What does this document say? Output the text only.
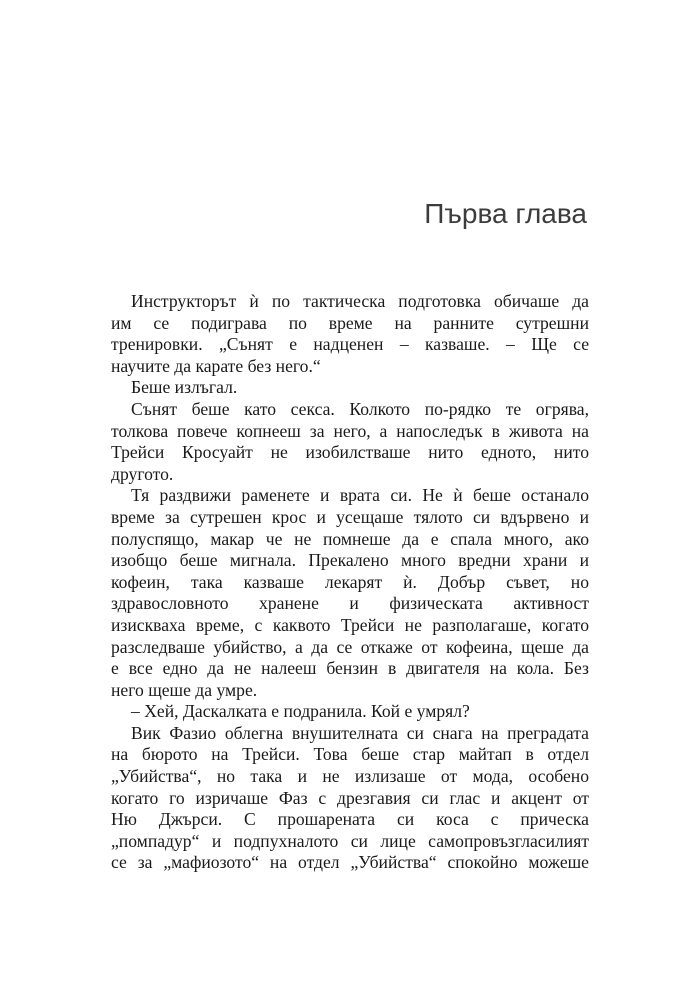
Първа глава

Инструкторът ѝ по тактическа подготовка обичаше да
им се подиграва по време на ранните сутрешни
тренировки. „Сънят е надценен – казваше. – Ще се
научите да карате без него.“

Беше излъгал.

Сънят беше като секса. Колкото по-рядко те огрява,
толкова повече копнееш за него, а напоследък в живота на
Трейси Кросуайт не изобилстваше нито едното, нито
другото.

Тя раздвижи раменете и врата си. Не ѝ беше останало
време за сутрешен крос и усещаше тялото си вдървено и
полуспящо, макар че не помнеше да е спала много, ако
изобщо беше мигнала. Прекалено много вредни храни и
кофеин, така казваше лекарят ѝ. Добър съвет, но
здравословното хранене и физическата активност
изискваха време, с каквото Трейси не разполагаше, когато
разследваше убийство, а да се откаже от кофеина, щеше да
е все едно да не налееш бензин в двигателя на кола. Без
него щеше да умре.

– Хей, Даскалката е подранила. Кой е умрял?

Вик Фазио облегна внушителната си снага на преградата
на бюрото на Трейси. Това беше стар майтап в отдел
„Убийства“, но така и не излизаше от мода, особено
когато го изричаше Фаз с дрезгавия си глас и акцент от
Ню Джърси. С прошарената си коса с прическа
„помпадур“ и подпухналото си лице самопровъзгласилият
се за „мафиозото“ на отдел „Убийства“ спокойно можеше
